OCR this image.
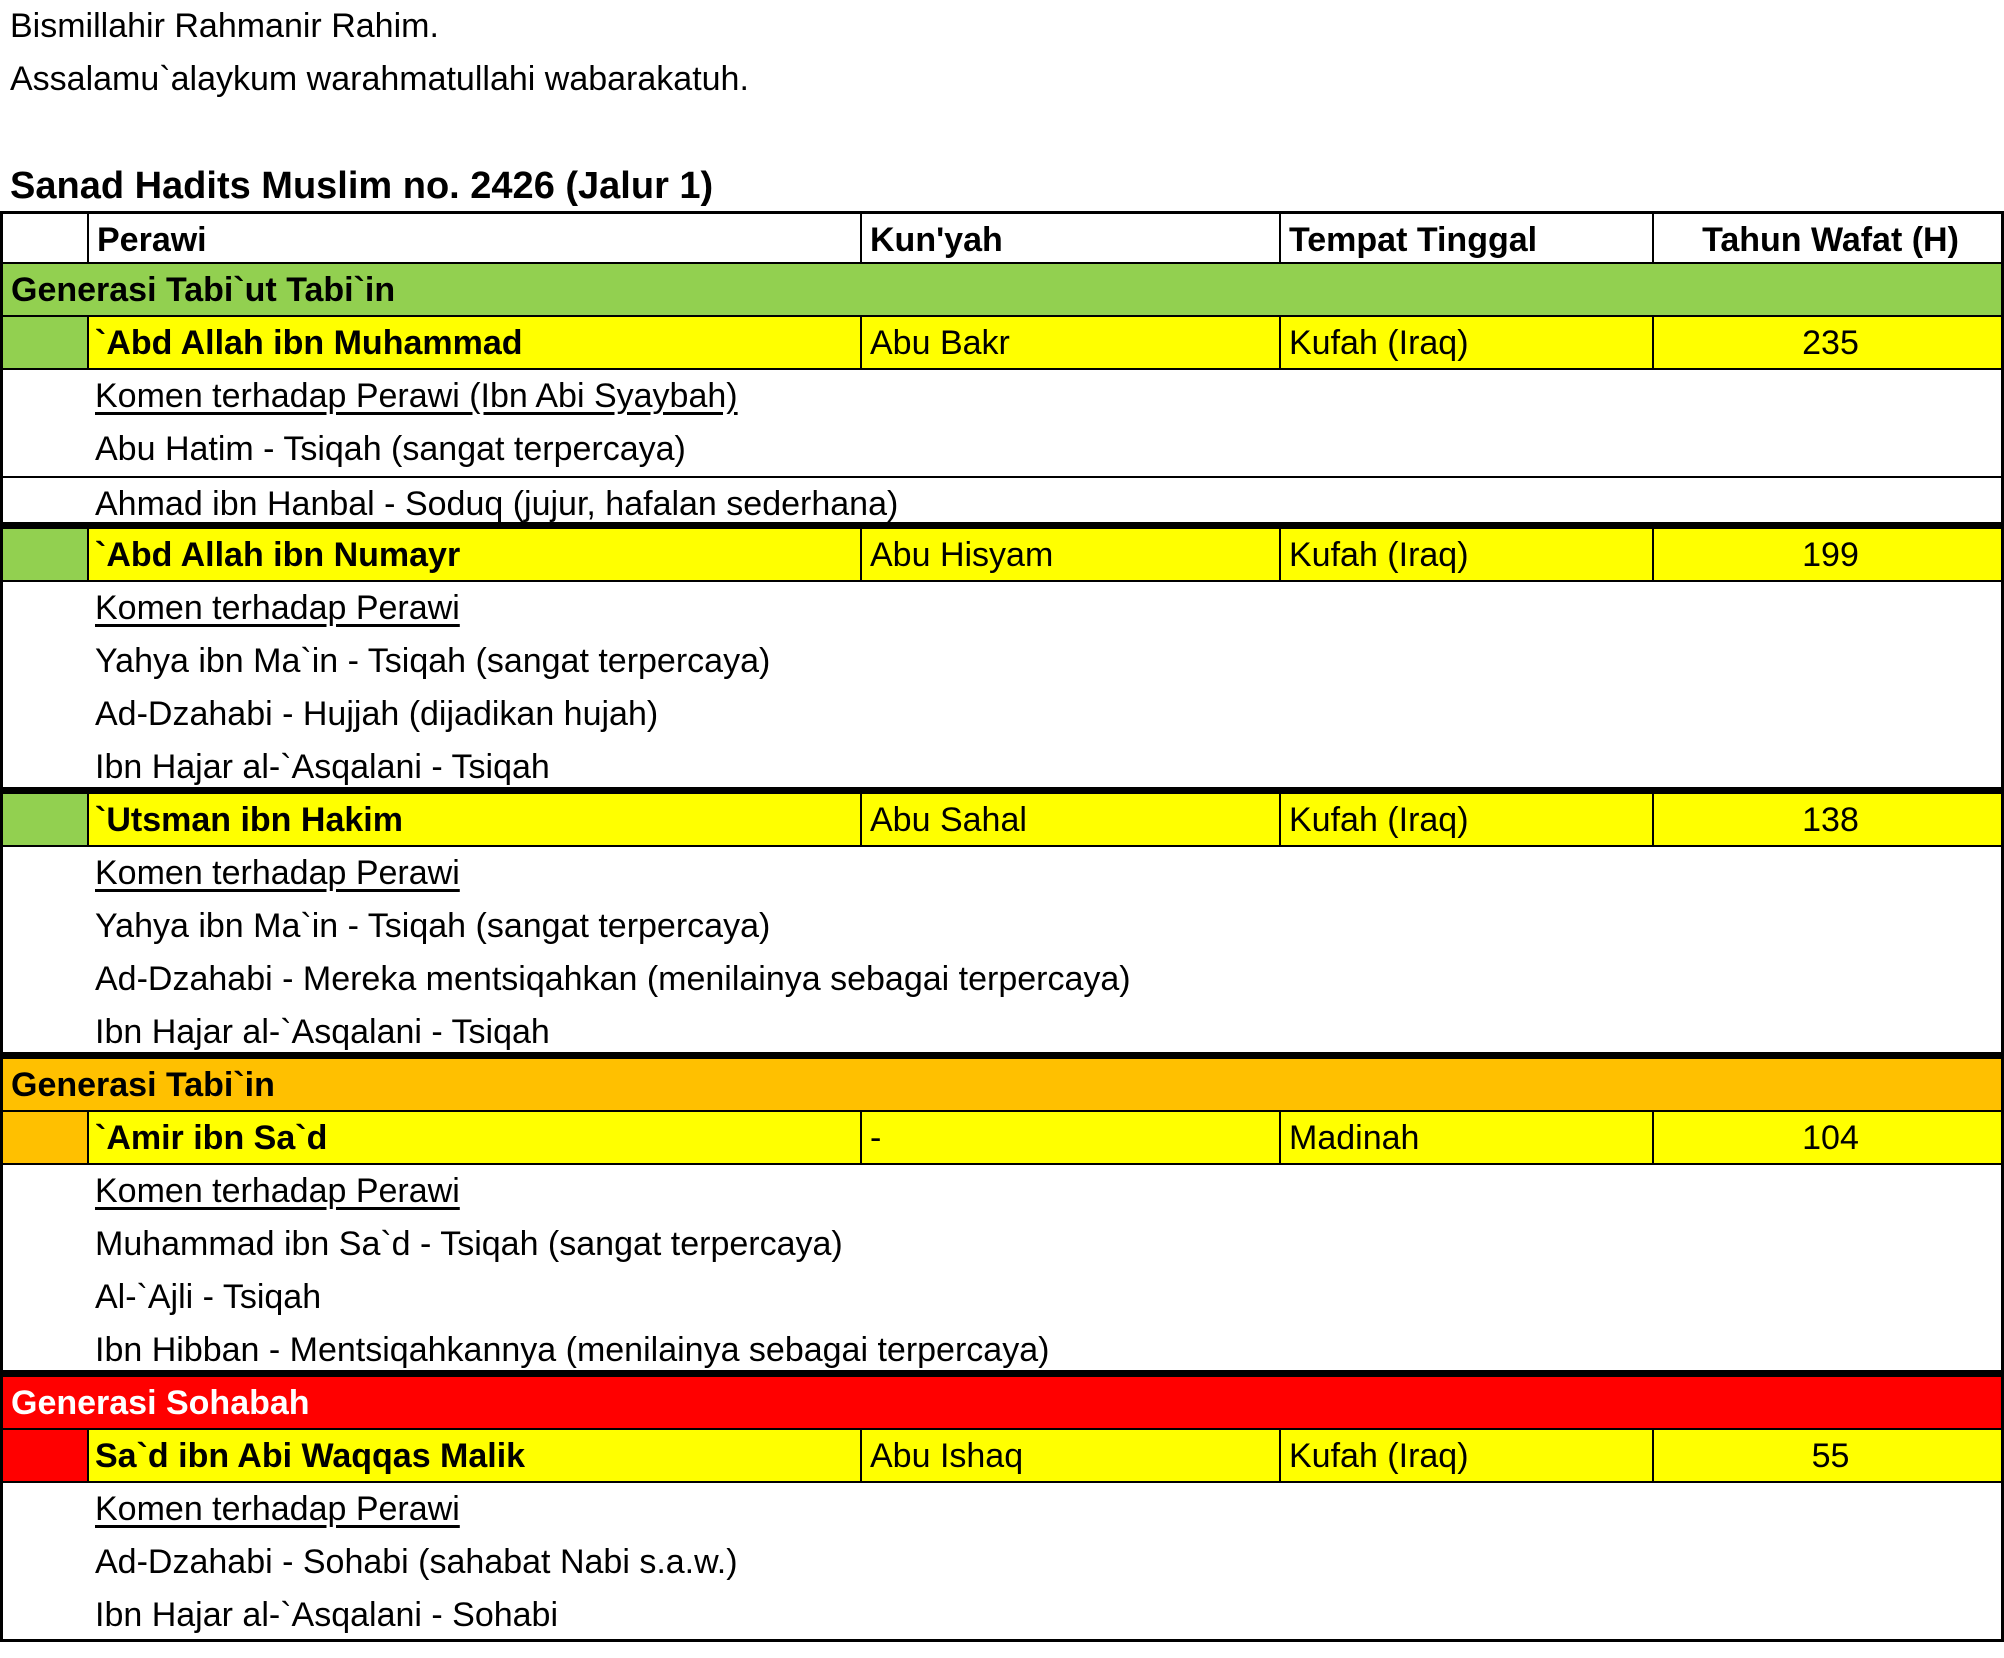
Bismillahir Rahmanir Rahim.
Assalamu`alaykum warahmatullahi wabarakatuh.
Sanad Hadits Muslim no. 2426 (Jalur 1)
Perawi	Kun'yah	Tempat Tinggal	Tahun Wafat (H)
Generasi Tabi`ut Tabi`in
`Abd Allah ibn Muhammad	Abu Bakr	Kufah (Iraq)	235
Komen terhadap Perawi (Ibn Abi Syaybah)
Abu Hatim - Tsiqah (sangat terpercaya)
Ahmad ibn Hanbal - Soduq (jujur, hafalan sederhana)
`Abd Allah ibn Numayr	Abu Hisyam	Kufah (Iraq)	199
Komen terhadap Perawi
Yahya ibn Ma`in - Tsiqah (sangat terpercaya)
Ad-Dzahabi - Hujjah (dijadikan hujah)
Ibn Hajar al-`Asqalani - Tsiqah
`Utsman ibn Hakim	Abu Sahal	Kufah (Iraq)	138
Komen terhadap Perawi
Yahya ibn Ma`in - Tsiqah (sangat terpercaya)
Ad-Dzahabi - Mereka mentsiqahkan (menilainya sebagai terpercaya)
Ibn Hajar al-`Asqalani - Tsiqah
Generasi Tabi`in
`Amir ibn Sa`d	-	Madinah	104
Komen terhadap Perawi
Muhammad ibn Sa`d - Tsiqah (sangat terpercaya)
Al-`Ajli - Tsiqah
Ibn Hibban - Mentsiqahkannya (menilainya sebagai terpercaya)
Generasi Sohabah
Sa`d ibn Abi Waqqas Malik	Abu Ishaq	Kufah (Iraq)	55
Komen terhadap Perawi
Ad-Dzahabi - Sohabi (sahabat Nabi s.a.w.)
Ibn Hajar al-`Asqalani - Sohabi
